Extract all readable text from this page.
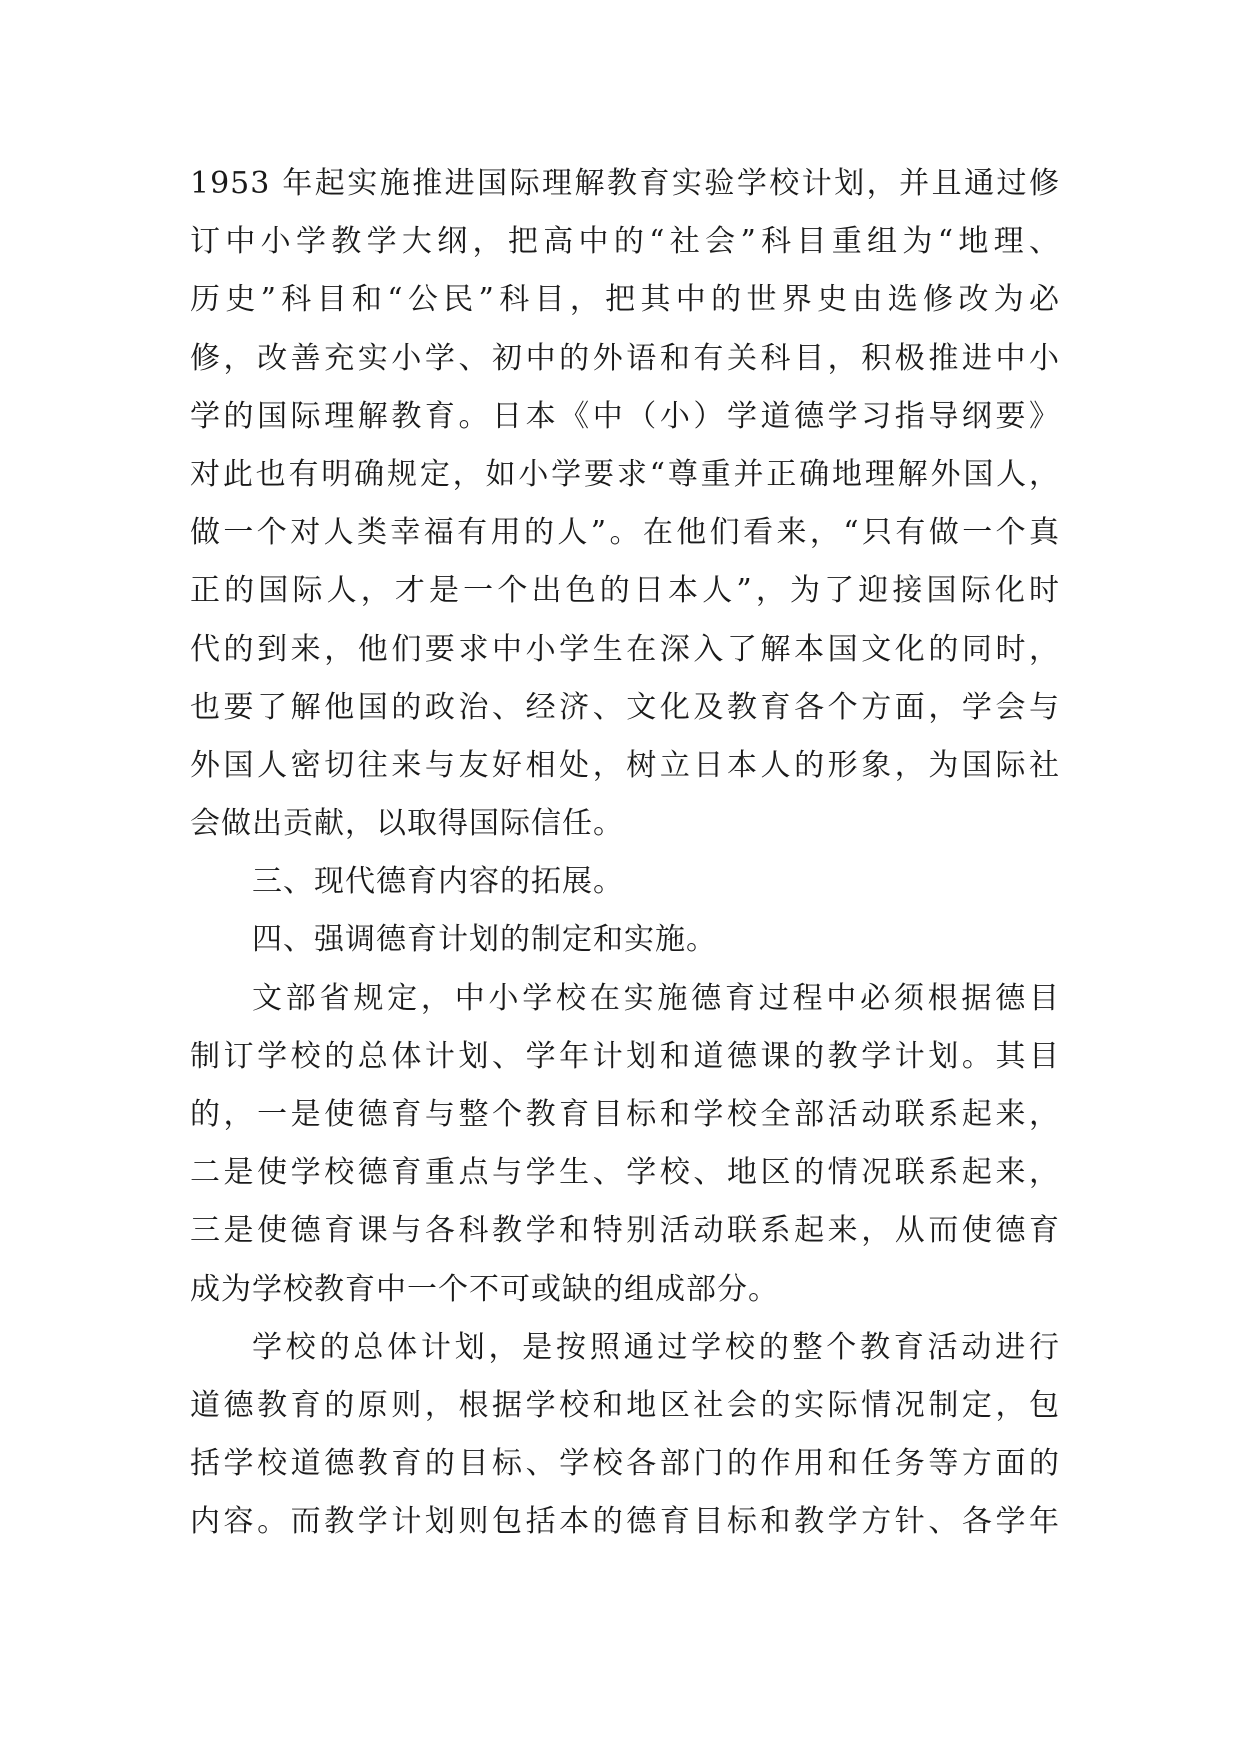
1953 年起实施推进国际理解教育实验学校计划，并且通过修
订中小学教学大纲，把高中的“社会”科目重组为“地理、
历史”科目和“公民”科目，把其中的世界史由选修改为必
修，改善充实小学、初中的外语和有关科目，积极推进中小
学的国际理解教育。日本《中（小）学道德学习指导纲要》
对此也有明确规定，如小学要求“尊重并正确地理解外国人，
做一个对人类幸福有用的人”。在他们看来，“只有做一个真
正的国际人，才是一个出色的日本人”，为了迎接国际化时
代的到来，他们要求中小学生在深入了解本国文化的同时，
也要了解他国的政治、经济、文化及教育各个方面，学会与
外国人密切往来与友好相处，树立日本人的形象，为国际社
会做出贡献，以取得国际信任。
三、现代德育内容的拓展。
四、强调德育计划的制定和实施。
文部省规定，中小学校在实施德育过程中必须根据德目
制订学校的总体计划、学年计划和道德课的教学计划。其目
的，一是使德育与整个教育目标和学校全部活动联系起来，
二是使学校德育重点与学生、学校、地区的情况联系起来，
三是使德育课与各科教学和特别活动联系起来，从而使德育
成为学校教育中一个不可或缺的组成部分。
学校的总体计划，是按照通过学校的整个教育活动进行
道德教育的原则，根据学校和地区社会的实际情况制定，包
括学校道德教育的目标、学校各部门的作用和任务等方面的
内容。而教学计划则包括本的德育目标和教学方针、各学年
